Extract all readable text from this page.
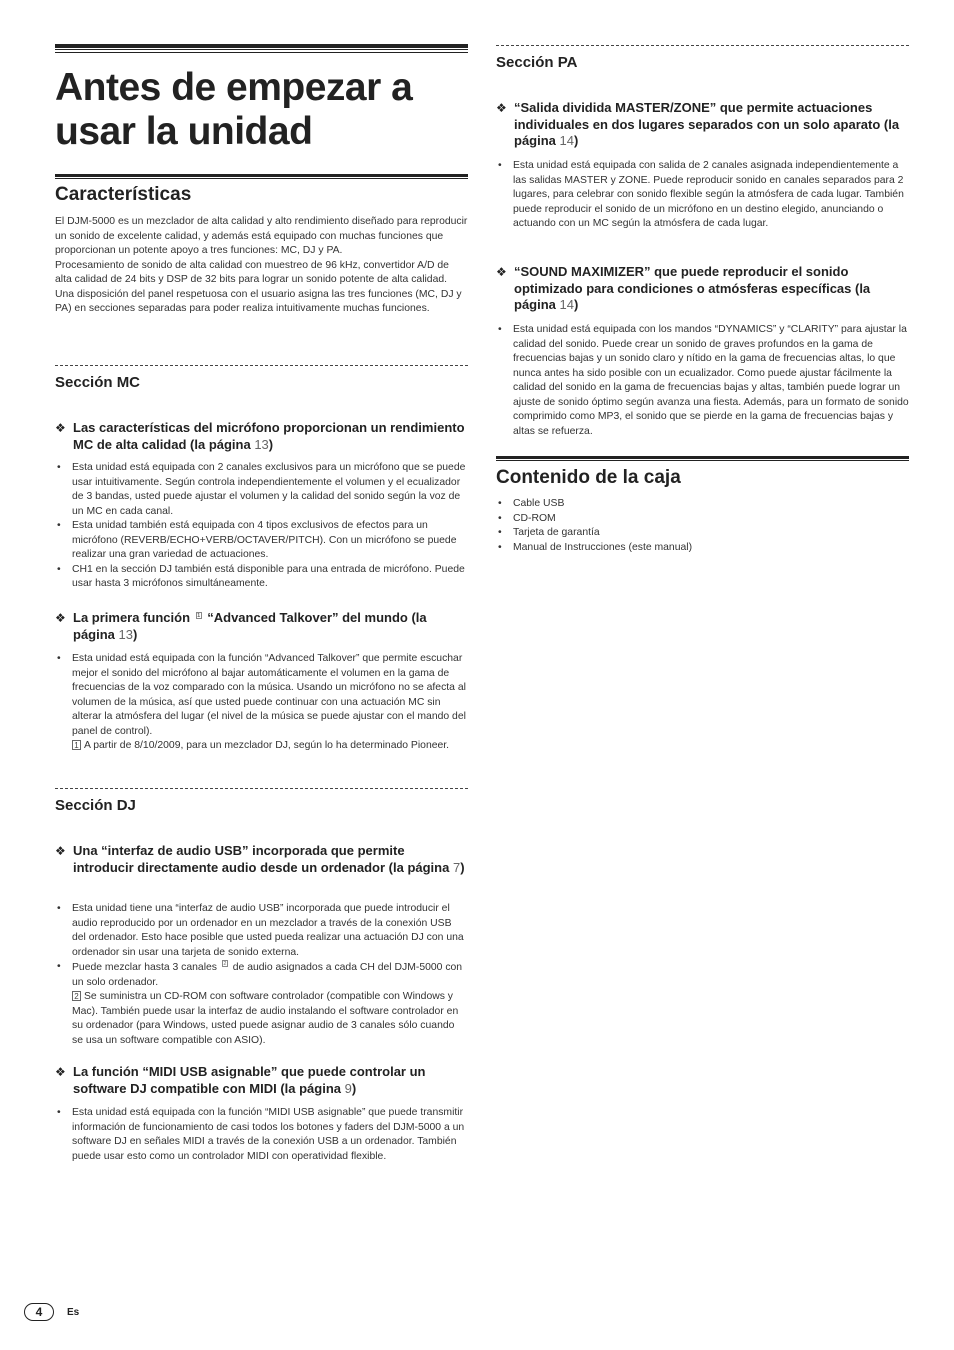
Antes de empezar a
usar la unidad
Características
El DJM-5000 es un mezclador de alta calidad y alto rendimiento diseñado para reproducir un sonido de excelente calidad, y además está equipado con muchas funciones que proporcionan un potente apoyo a tres funciones: MC, DJ y PA.
Procesamiento de sonido de alta calidad con muestreo de 96 kHz, convertidor A/D de alta calidad de 24 bits y DSP de 32 bits para lograr un sonido potente de alta calidad.
Una disposición del panel respetuosa con el usuario asigna las tres funciones (MC, DJ y PA) en secciones separadas para poder realiza intuitivamente muchas funciones.
Sección MC

❖ Las características del micrófono proporcionan un rendimiento MC de alta calidad (la página 13)

• Esta unidad está equipada con 2 canales exclusivos para un micrófono que se puede usar intuitivamente. Según controla independientemente el volumen y el ecualizador de 3 bandas, usted puede ajustar el volumen y la calidad del sonido según la voz de un MC en cada canal.
• Esta unidad también está equipada con 4 tipos exclusivos de efectos para un micrófono (REVERB/ECHO+VERB/OCTAVER/PITCH). Con un micrófono se puede realizar una gran variedad de actuaciones.
• CH1 en la sección DJ también está disponible para una entrada de micrófono. Puede usar hasta 3 micrófonos simultáneamente.

❖ La primera función 1 “Advanced Talkover” del mundo (la página 13)

• Esta unidad está equipada con la función “Advanced Talkover” que permite escuchar mejor el sonido del micrófono al bajar automáticamente el volumen en la gama de frecuencias de la voz comparado con la música. Usando un micrófono no se afecta al volumen de la música, así que usted puede continuar con una actuación MC sin alterar la atmósfera del lugar (el nivel de la música se puede ajustar con el mando del panel de control).
1 A partir de 8/10/2009, para un mezclador DJ, según lo ha determinado Pioneer.
Sección DJ

❖ Una “interfaz de audio USB” incorporada que permite introducir directamente audio desde un ordenador (la página 7)

• Esta unidad tiene una “interfaz de audio USB” incorporada que puede introducir el audio reproducido por un ordenador en un mezclador a través de la conexión USB del ordenador. Esto hace posible que usted pueda realizar una actuación DJ con una ordenador sin usar una tarjeta de sonido externa.
• Puede mezclar hasta 3 canales 2 de audio asignados a cada CH del DJM-5000 con un solo ordenador.
2 Se suministra un CD-ROM con software controlador (compatible con Windows y Mac). También puede usar la interfaz de audio instalando el software controlador en su ordenador (para Windows, usted puede asignar audio de 3 canales sólo cuando se usa un software compatible con ASIO).

❖ La función “MIDI USB asignable” que puede controlar un software DJ compatible con MIDI (la página 9)

• Esta unidad está equipada con la función “MIDI USB asignable” que puede transmitir información de funcionamiento de casi todos los botones y faders del DJM-5000 a un software DJ en señales MIDI a través de la conexión USB a un ordenador. También puede usar esto como un controlador MIDI con operatividad flexible.
Sección PA

❖ “Salida dividida MASTER/ZONE” que permite actuaciones individuales en dos lugares separados con un solo aparato (la página 14)

• Esta unidad está equipada con salida de 2 canales asignada independientemente a las salidas MASTER y ZONE. Puede reproducir sonido en canales separados para 2 lugares, para celebrar con sonido flexible según la atmósfera de cada lugar. También puede reproducir el sonido de un micrófono en un destino elegido, anunciando o actuando con un MC según la atmósfera de cada lugar.

❖ “SOUND MAXIMIZER” que puede reproducir el sonido optimizado para condiciones o atmósferas específicas (la página 14)

• Esta unidad está equipada con los mandos “DYNAMICS” y “CLARITY” para ajustar la calidad del sonido. Puede crear un sonido de graves profundos en la gama de frecuencias bajas y un sonido claro y nítido en la gama de frecuencias altas, lo que nunca antes ha sido posible con un ecualizador. Como puede ajustar fácilmente la calidad del sonido en la gama de frecuencias bajas y altas, también puede lograr un ajuste de sonido óptimo según avanza una fiesta. Además, para un formato de sonido comprimido como MP3, el sonido que se pierde en la gama de frecuencias bajas y altas se refuerza.
Contenido de la caja
• Cable USB
• CD-ROM
• Tarjeta de garantía
• Manual de Instrucciones (este manual)
4	Es
